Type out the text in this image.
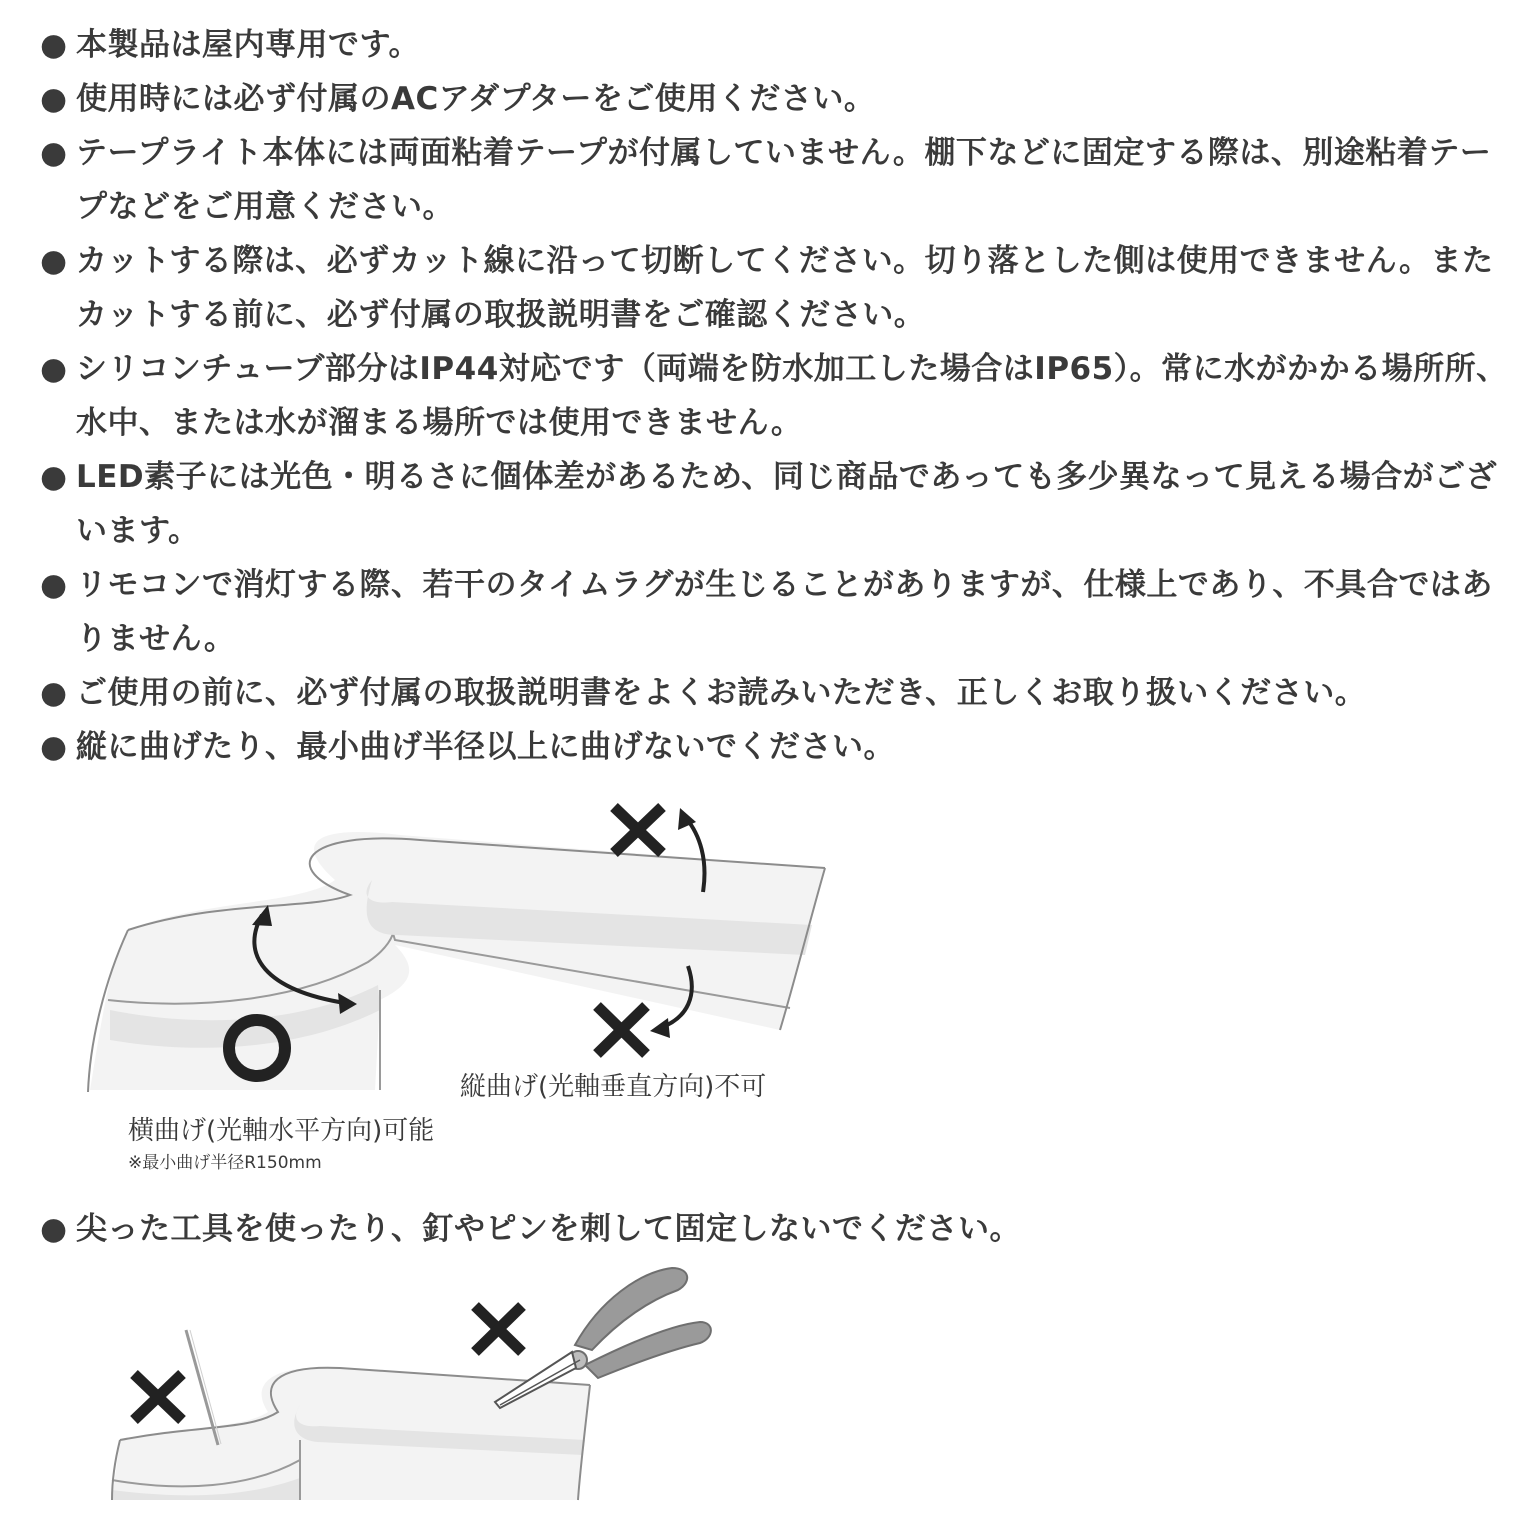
● 本製品は屋内専用です。
● 使用時には必ず付属のACアダプターをご使用ください。
● テープライト本体には両面粘着テープが付属していません。棚下などに固定する際は、別途粘着テープなどをご用意ください。
● カットする際は、必ずカット線に沿って切断してください。切り落とした側は使用できません。またカットする前に、必ず付属の取扱説明書をご確認ください。
● シリコンチューブ部分はIP44対応です（両端を防水加工した場合はIP65）。常に水がかかる場所所、水中、または水が溜まる場所では使用できません。
● LED素子には光色・明るさに個体差があるため、同じ商品であっても多少異なって見える場合がございます。
● リモコンで消灯する際、若干のタイムラグが生じることがありますが、仕様上であり、不具合ではありません。
● ご使用の前に、必ず付属の取扱説明書をよくお読みいただき、正しくお取り扱いください。
● 縦に曲げたり、最小曲げ半径以上に曲げないでください。
縦曲げ(光軸垂直方向)不可
横曲げ(光軸水平方向)可能
※最小曲げ半径R150mm
● 尖った工具を使ったり、釘やピンを刺して固定しないでください。
